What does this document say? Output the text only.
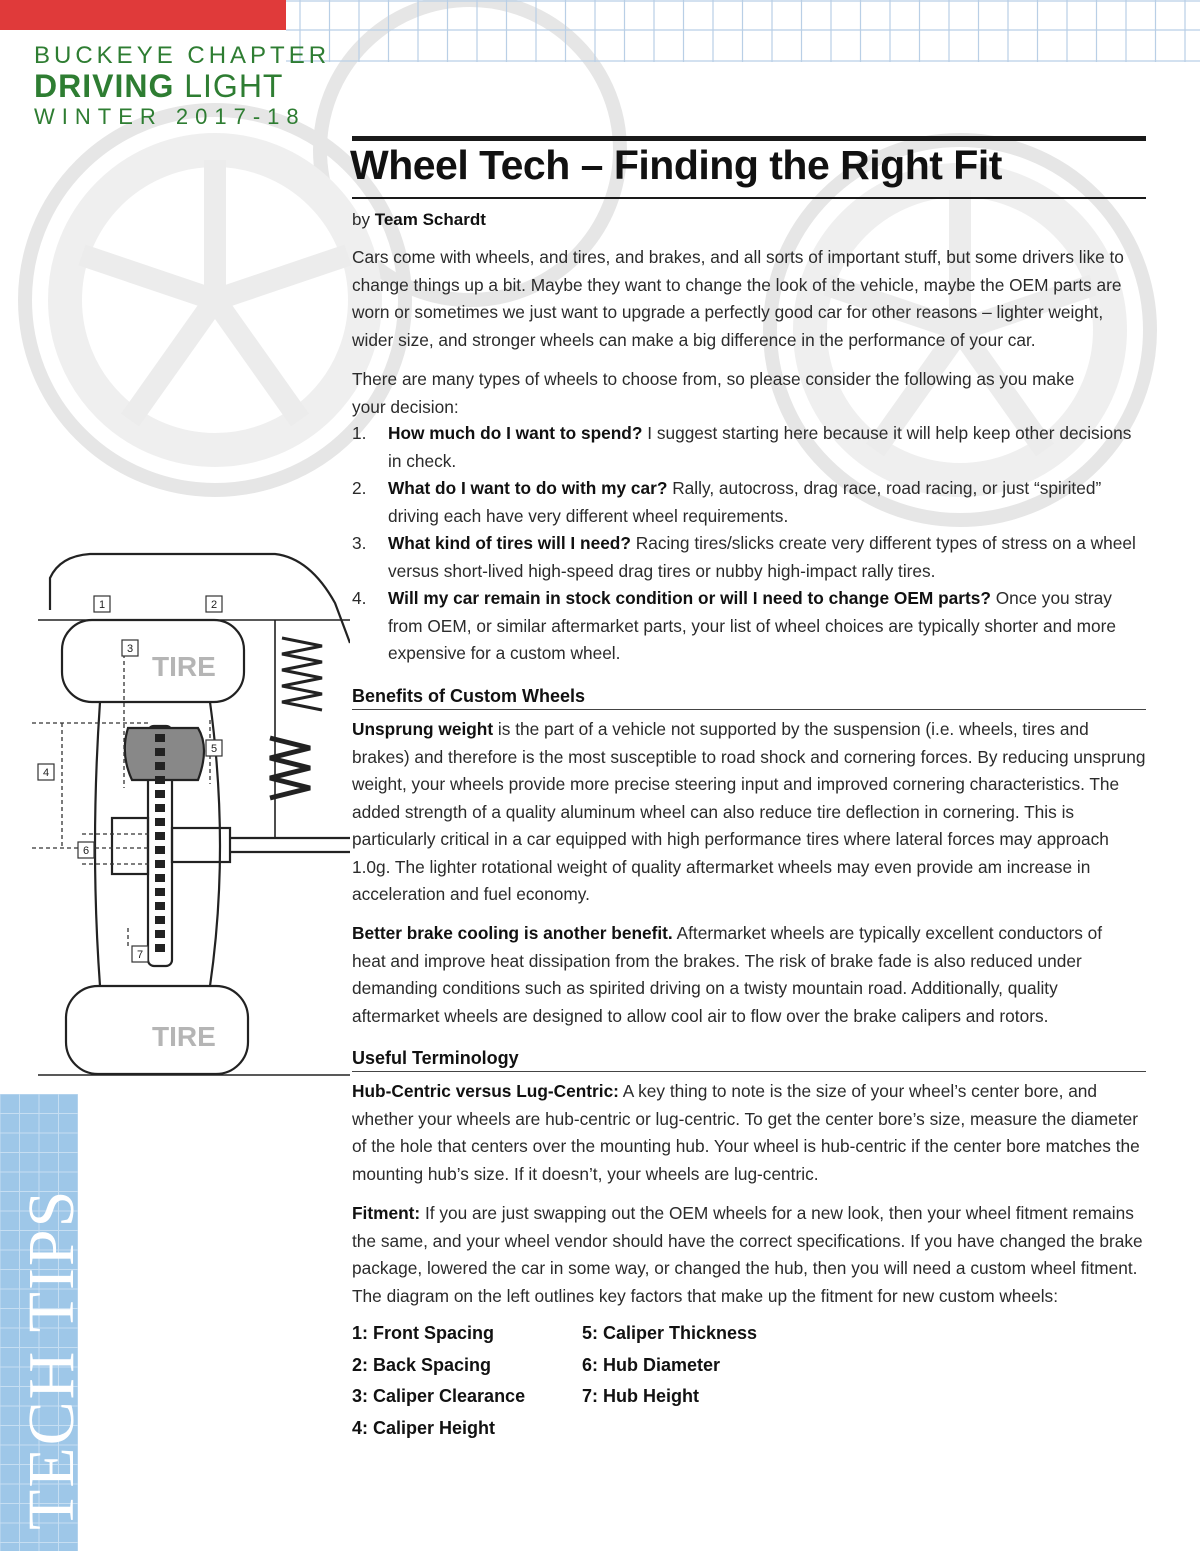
BUCKEYE CHAPTER
DRIVING LIGHT
WINTER 2017-18
Wheel Tech – Finding the Right Fit
by Team Schardt
Cars come with wheels, and tires, and brakes, and all sorts of important stuff, but some drivers like to change things up a bit. Maybe they want to change the look of the vehicle, maybe the OEM parts are worn or sometimes we just want to upgrade a perfectly good car for other reasons – lighter weight, wider size, and stronger wheels can make a big difference in the performance of your car.
There are many types of wheels to choose from, so please consider the following as you make your decision:
1. How much do I want to spend? I suggest starting here because it will help keep other decisions in check.
2. What do I want to do with my car? Rally, autocross, drag race, road racing, or just “spirited” driving each have very different wheel requirements.
3. What kind of tires will I need? Racing tires/slicks create very different types of stress on a wheel versus short-lived high-speed drag tires or nubby high-impact rally tires.
4. Will my car remain in stock condition or will I need to change OEM parts? Once you stray from OEM, or similar aftermarket parts, your list of wheel choices are typically shorter and more expensive for a custom wheel.
Benefits of Custom Wheels
Unsprung weight is the part of a vehicle not supported by the suspension (i.e. wheels, tires and brakes) and therefore is the most susceptible to road shock and cornering forces. By reducing unsprung weight, your wheels provide more precise steering input and improved cornering characteristics. The added strength of a quality aluminum wheel can also reduce tire deflection in cornering. This is particularly critical in a car equipped with high performance tires where lateral forces may approach 1.0g. The lighter rotational weight of quality aftermarket wheels may even provide am increase in acceleration and fuel economy.
Better brake cooling is another benefit. Aftermarket wheels are typically excellent conductors of heat and improve heat dissipation from the brakes. The risk of brake fade is also reduced under demanding conditions such as spirited driving on a twisty mountain road. Additionally, quality aftermarket wheels are designed to allow cool air to flow over the brake calipers and rotors.
Useful Terminology
Hub-Centric versus Lug-Centric: A key thing to note is the size of your wheel’s center bore, and whether your wheels are hub-centric or lug-centric. To get the center bore’s size, measure the diameter of the hole that centers over the mounting hub. Your wheel is hub-centric if the center bore matches the mounting hub’s size. If it doesn’t, your wheels are lug-centric.
Fitment: If you are just swapping out the OEM wheels for a new look, then your wheel fitment remains the same, and your wheel vendor should have the correct specifications. If you have changed the brake package, lowered the car in some way, or changed the hub, then you will need a custom wheel fitment. The diagram on the left outlines key factors that make up the fitment for new custom wheels:
1: Front Spacing
2: Back Spacing
3: Caliper Clearance
4: Caliper Height
5: Caliper Thickness
6: Hub Diameter
7: Hub Height
1	2
3
4
5
6
7
TIRE
TIRE
TECH TIPS
